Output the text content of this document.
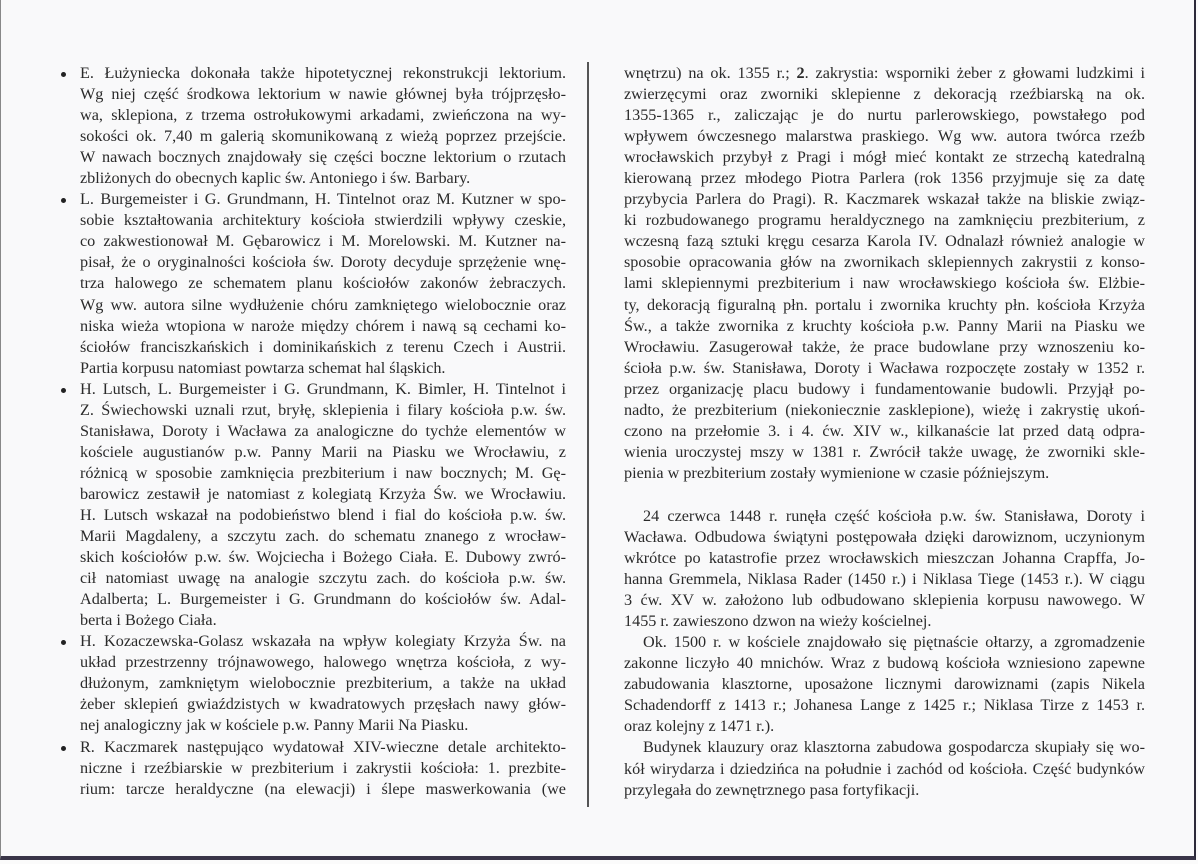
E. Łużyniecka dokonała także hipotetycznej rekonstrukcji lektorium.
Wg niej część środkowa lektorium w nawie głównej była trójprzęsło-
wa, sklepiona, z trzema ostrołukowymi arkadami, zwieńczona na wy-
sokości ok. 7,40 m galerią skomunikowaną z wieżą poprzez przejście.
W nawach bocznych znajdowały się części boczne lektorium o rzutach
zbliżonych do obecnych kaplic św. Antoniego i św. Barbary.
L. Burgemeister i G. Grundmann, H. Tintelnot oraz M. Kutzner w spo-
sobie kształtowania architektury kościoła stwierdzili wpływy czeskie,
co zakwestionował M. Gębarowicz i M. Morelowski. M. Kutzner na-
pisał, że o oryginalności kościoła św. Doroty decyduje sprzężenie wnę-
trza halowego ze schematem planu kościołów zakonów żebraczych.
Wg ww. autora silne wydłużenie chóru zamkniętego wielobocznie oraz
niska wieża wtopiona w naroże między chórem i nawą są cechami ko-
ściołów franciszkańskich i dominikańskich z terenu Czech i Austrii.
Partia korpusu natomiast powtarza schemat hal śląskich.
H. Lutsch, L. Burgemeister i G. Grundmann, K. Bimler, H. Tintelnot i
Z. Świechowski uznali rzut, bryłę, sklepienia i filary kościoła p.w. św.
Stanisława, Doroty i Wacława za analogiczne do tychże elementów w
kościele augustianów p.w. Panny Marii na Piasku we Wrocławiu, z
różnicą w sposobie zamknięcia prezbiterium i naw bocznych; M. Gę-
barowicz zestawił je natomiast z kolegiatą Krzyża Św. we Wrocławiu.
H. Lutsch wskazał na podobieństwo blend i fial do kościoła p.w. św.
Marii Magdaleny, a szczytu zach. do schematu znanego z wrocław-
skich kościołów p.w. św. Wojciecha i Bożego Ciała. E. Dubowy zwró-
cił natomiast uwagę na analogie szczytu zach. do kościoła p.w. św.
Adalberta; L. Burgemeister i G. Grundmann do kościołów św. Adal-
berta i Bożego Ciała.
H. Kozaczewska-Golasz wskazała na wpływ kolegiaty Krzyża Św. na
układ przestrzenny trójnawowego, halowego wnętrza kościoła, z wy-
dłużonym, zamkniętym wielobocznie prezbiterium, a także na układ
żeber sklepień gwiaździstych w kwadratowych przęsłach nawy głów-
nej analogiczny jak w kościele p.w. Panny Marii Na Piasku.
R. Kaczmarek następująco wydatował XIV-wieczne detale architekto-
niczne i rzeźbiarskie w prezbiterium i zakrystii kościoła: 1. prezbite-
rium: tarcze heraldyczne (na elewacji) i ślepe maswerkowania (we
wnętrzu) na ok. 1355 r.; 2. zakrystia: wsporniki żeber z głowami ludzkimi i
zwierzęcymi oraz zworniki sklepienne z dekoracją rzeźbiarską na ok.
1355-1365 r., zaliczając je do nurtu parlerowskiego, powstałego pod
wpływem ówczesnego malarstwa praskiego. Wg ww. autora twórca rzeźb
wrocławskich przybył z Pragi i mógł mieć kontakt ze strzechą katedralną
kierowaną przez młodego Piotra Parlera (rok 1356 przyjmuje się za datę
przybycia Parlera do Pragi). R. Kaczmarek wskazał także na bliskie związ-
ki rozbudowanego programu heraldycznego na zamknięciu prezbiterium, z
wczesną fazą sztuki kręgu cesarza Karola IV. Odnalazł również analogie w
sposobie opracowania głów na zwornikach sklepiennych zakrystii z konso-
lami sklepiennymi prezbiterium i naw wrocławskiego kościoła św. Elżbie-
ty, dekoracją figuralną płn. portalu i zwornika kruchty płn. kościoła Krzyża
Św., a także zwornika z kruchty kościoła p.w. Panny Marii na Piasku we
Wrocławiu. Zasugerował także, że prace budowlane przy wznoszeniu ko-
ścioła p.w. św. Stanisława, Doroty i Wacława rozpoczęte zostały w 1352 r.
przez organizację placu budowy i fundamentowanie budowli. Przyjął po-
nadto, że prezbiterium (niekoniecznie zasklepione), wieżę i zakrystię ukoń-
czono na przełomie 3. i 4. ćw. XIV w., kilkanaście lat przed datą odpra-
wienia uroczystej mszy w 1381 r. Zwrócił także uwagę, że zworniki skle-
pienia w prezbiterium zostały wymienione w czasie późniejszym.
24 czerwca 1448 r. runęła część kościoła p.w. św. Stanisława, Doroty i
Wacława. Odbudowa świątyni postępowała dzięki darowiznom, uczynionym
wkrótce po katastrofie przez wrocławskich mieszczan Johanna Crapffa, Jo-
hanna Gremmela, Niklasa Rader (1450 r.) i Niklasa Tiege (1453 r.). W ciągu
3 ćw. XV w. założono lub odbudowano sklepienia korpusu nawowego. W
1455 r. zawieszono dzwon na wieży kościelnej.
Ok. 1500 r. w kościele znajdowało się piętnaście ołtarzy, a zgromadzenie
zakonne liczyło 40 mnichów. Wraz z budową kościoła wzniesiono zapewne
zabudowania klasztorne, uposażone licznymi darowiznami (zapis Nikela
Schadendorff z 1413 r.; Johanesa Lange z 1425 r.; Niklasa Tirze z 1453 r.
oraz kolejny z 1471 r.).
Budynek klauzury oraz klasztorna zabudowa gospodarcza skupiały się wo-
kół wirydarza i dziedzińca na południe i zachód od kościoła. Część budynków
przylegała do zewnętrznego pasa fortyfikacji.
